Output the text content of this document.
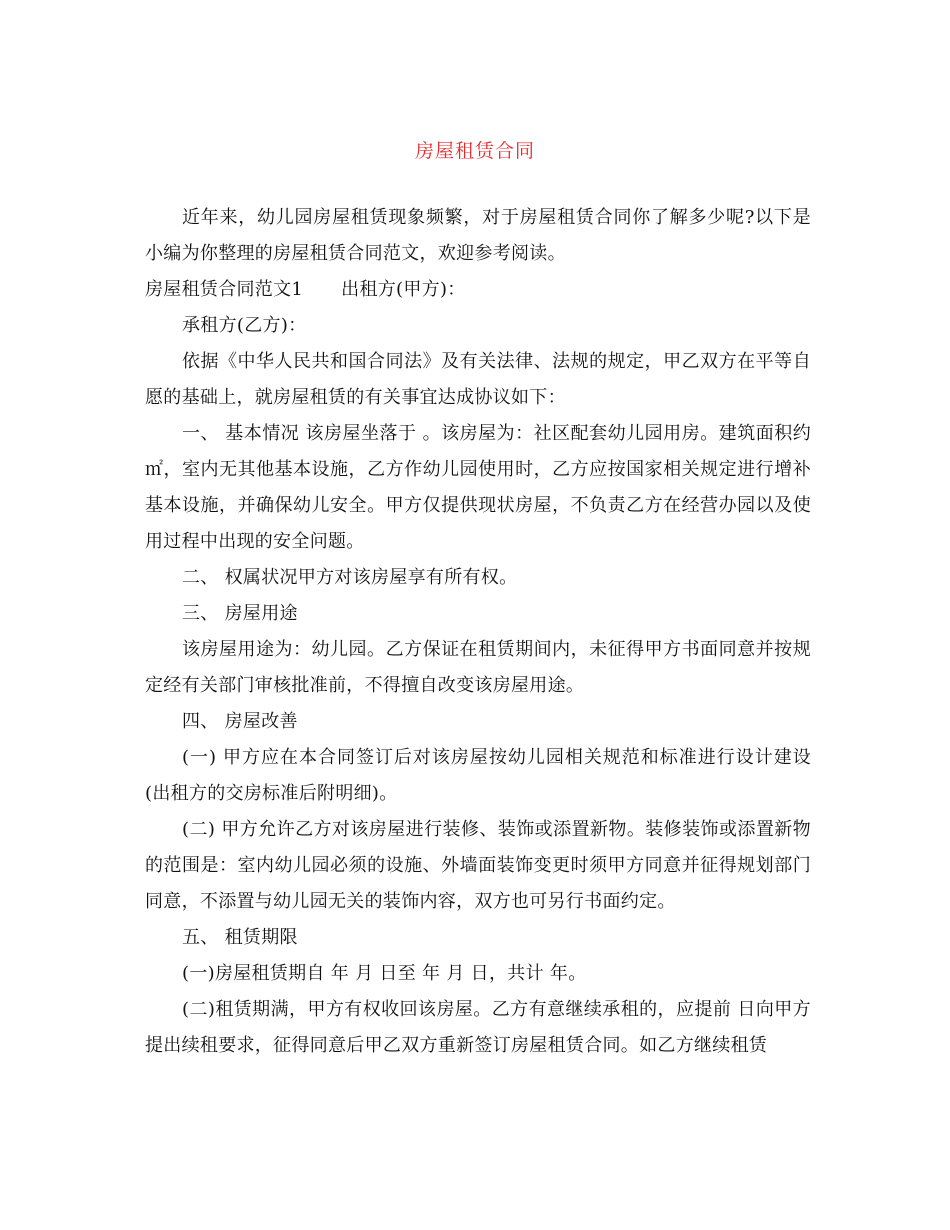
房屋租赁合同

近年来，幼儿园房屋租赁现象频繁，对于房屋租赁合同你了解多少呢?以下是小编为你整理的房屋租赁合同范文，欢迎参考阅读。

房屋租赁合同范文1 出租方(甲方)：

承租方(乙方)：

依据《中华人民共和国合同法》及有关法律、法规的规定，甲乙双方在平等自愿的基础上，就房屋租赁的有关事宜达成协议如下：

一、 基本情况 该房屋坐落于 。该房屋为：社区配套幼儿园用房。建筑面积约 ㎡，室内无其他基本设施，乙方作幼儿园使用时，乙方应按国家相关规定进行增补基本设施，并确保幼儿安全。甲方仅提供现状房屋，不负责乙方在经营办园以及使用过程中出现的安全问题。

二、 权属状况甲方对该房屋享有所有权。

三、 房屋用途

该房屋用途为：幼儿园。乙方保证在租赁期间内，未征得甲方书面同意并按规定经有关部门审核批准前，不得擅自改变该房屋用途。

四、 房屋改善

(一) 甲方应在本合同签订后对该房屋按幼儿园相关规范和标准进行设计建设(出租方的交房标准后附明细)。

(二) 甲方允许乙方对该房屋进行装修、装饰或添置新物。装修装饰或添置新物的范围是：室内幼儿园必须的设施、外墙面装饰变更时须甲方同意并征得规划部门同意，不添置与幼儿园无关的装饰内容，双方也可另行书面约定。

五、 租赁期限

(一)房屋租赁期自 年 月 日至 年 月 日，共计 年。

(二)租赁期满，甲方有权收回该房屋。乙方有意继续承租的，应提前 日向甲方提出续租要求，征得同意后甲乙双方重新签订房屋租赁合同。如乙方继续租赁
